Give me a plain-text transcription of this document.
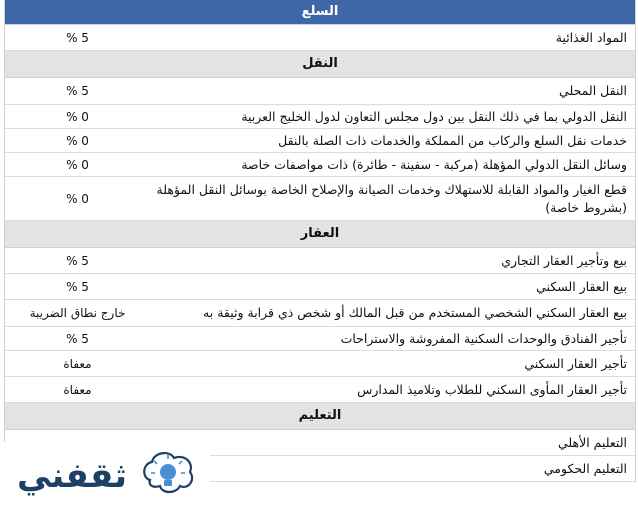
السلع
المواد الغذائية
5 %
النقل
النقل المحلي
5 %
النقل الدولي بما في ذلك النقل بين دول مجلس التعاون لدول الخليج العربية
0 %
خدمات نقل السلع والركاب من المملكة والخدمات ذات الصلة بالنقل
0 %
وسائل النقل الدولي المؤهلة (مركبة - سفينة - طائرة) ذات مواصفات خاصة
0 %
قطع الغيار والمواد القابلة للاستهلاك وخدمات الصيانة والإصلاح الخاصة بوسائل النقل المؤهلة (بشروط خاصة)
0 %
العقار
بيع وتأجير العقار التجاري
5 %
بيع العقار السكني
5 %
بيع العقار السكني الشخصي المستخدم من قبل المالك أو شخص ذي قرابة وثيقة به
خارج نطاق الضريبة
تأجير الفنادق والوحدات السكنية المفروشة والاستراحات
5 %
تأجير العقار السكني
معفاة
تأجير العقار المأوى السكني للطلاب وتلاميذ المدارس
معفاة
التعليم
التعليم الأهلي
التعليم الحكومي
ثقفني
